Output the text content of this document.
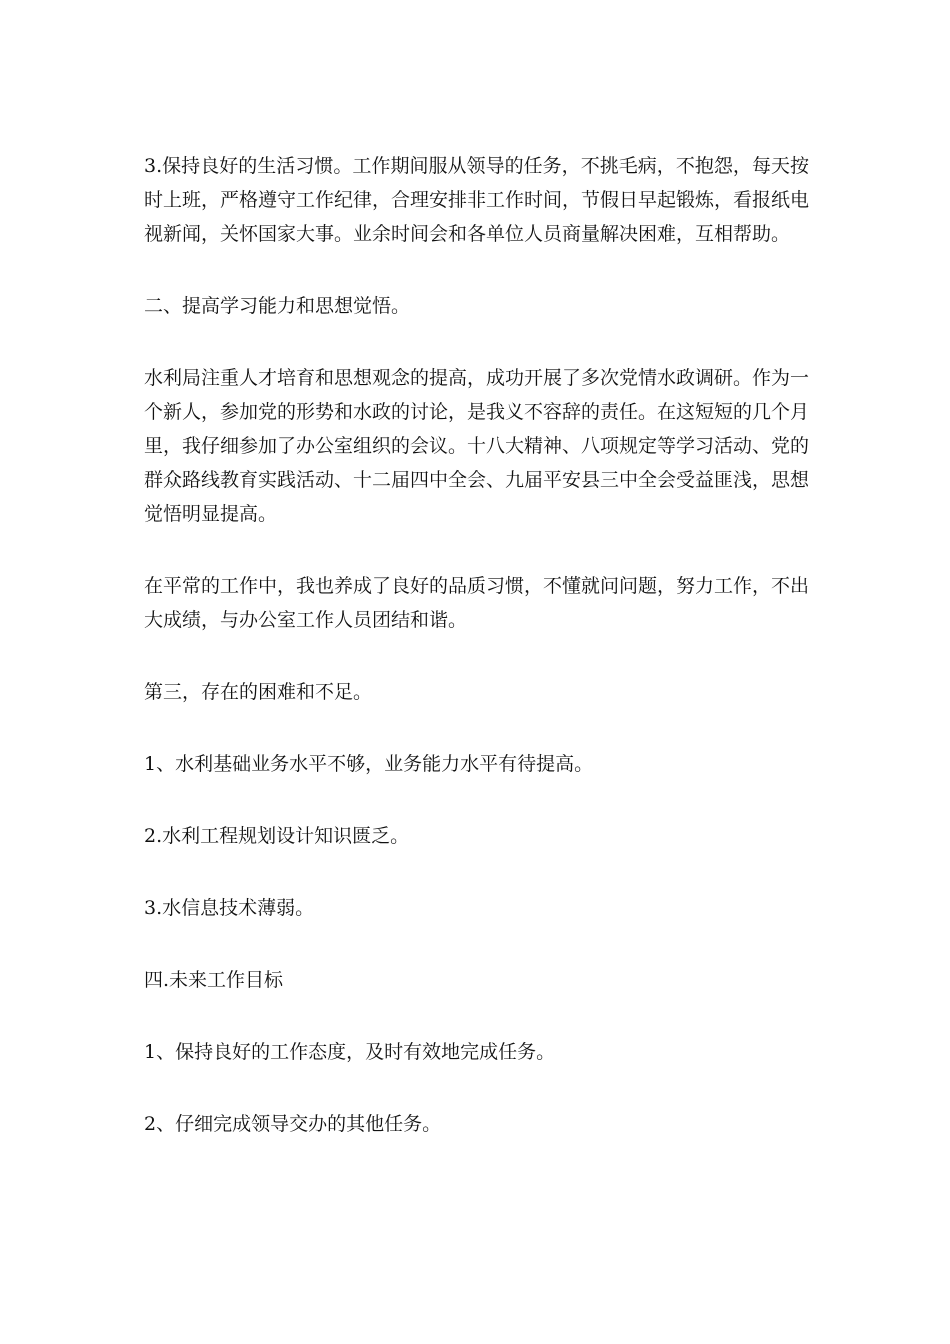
3.保持良好的生活习惯。工作期间服从领导的任务，不挑毛病，不抱怨，每天按时上班，严格遵守工作纪律，合理安排非工作时间，节假日早起锻炼，看报纸电视新闻，关怀国家大事。业余时间会和各单位人员商量解决困难，互相帮助。

二、提高学习能力和思想觉悟。

水利局注重人才培育和思想观念的提高，成功开展了多次党情水政调研。作为一个新人，参加党的形势和水政的讨论，是我义不容辞的责任。在这短短的几个月里，我仔细参加了办公室组织的会议。十八大精神、八项规定等学习活动、党的群众路线教育实践活动、十二届四中全会、九届平安县三中全会受益匪浅，思想觉悟明显提高。

在平常的工作中，我也养成了良好的品质习惯，不懂就问问题，努力工作，不出大成绩，与办公室工作人员团结和谐。

第三，存在的困难和不足。

1、水利基础业务水平不够，业务能力水平有待提高。

2.水利工程规划设计知识匮乏。

3.水信息技术薄弱。

四.未来工作目标

1、保持良好的工作态度，及时有效地完成任务。

2、仔细完成领导交办的其他任务。
